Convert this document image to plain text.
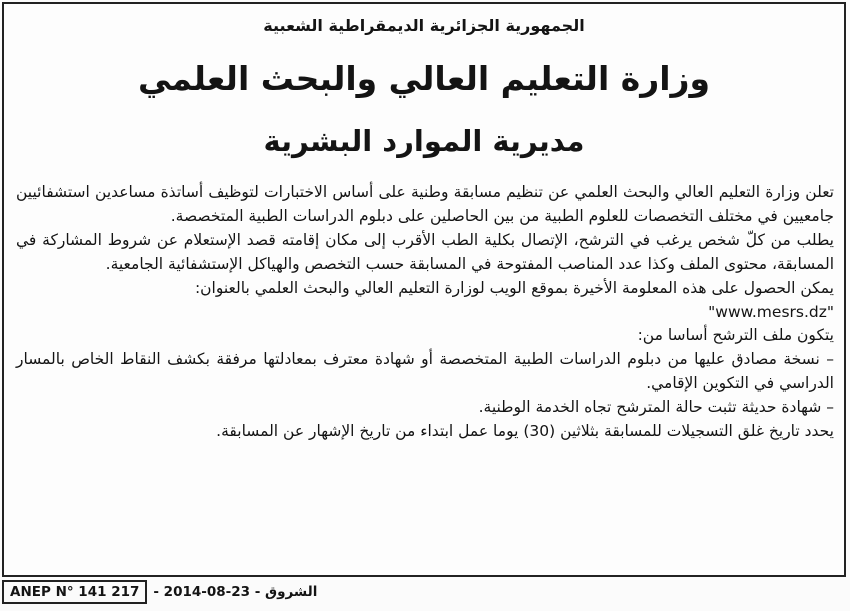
الجمهورية الجزائرية الديمقراطية الشعبية
وزارة التعليم العالي والبحث العلمي
مديرية الموارد البشرية

تعلن وزارة التعليم العالي والبحث العلمي عن تنظيم مسابقة وطنية على أساس الاختبارات لتوظيف أساتذة مساعدين استشفائيين جامعيين في مختلف التخصصات للعلوم الطبية من بين الحاصلين على دبلوم الدراسات الطبية المتخصصة.

يطلب من كلّ شخص يرغب في الترشح، الإتصال بكلية الطب الأقرب إلى مكان إقامته قصد الإستعلام عن شروط المشاركة في المسابقة، محتوى الملف وكذا عدد المناصب المفتوحة في المسابقة حسب التخصص والهياكل الإستشفائية الجامعية.

يمكن الحصول على هذه المعلومة الأخيرة بموقع الويب لوزارة التعليم العالي والبحث العلمي بالعنوان:

"www.mesrs.dz"

يتكون ملف الترشح أساسا من:

– نسخة مصادق عليها من دبلوم الدراسات الطبية المتخصصة أو شهادة معترف بمعادلتها مرفقة بكشف النقاط الخاص بالمسار الدراسي في التكوين الإقامي.

– شهادة حديثة تثبت حالة المترشح تجاه الخدمة الوطنية.

يحدد تاريخ غلق التسجيلات للمسابقة بثلاثين (30) يوما عمل ابتداء من تاريخ الإشهار عن المسابقة.

ANEP N° 141 217	- 2014-08-23 - الشروق
